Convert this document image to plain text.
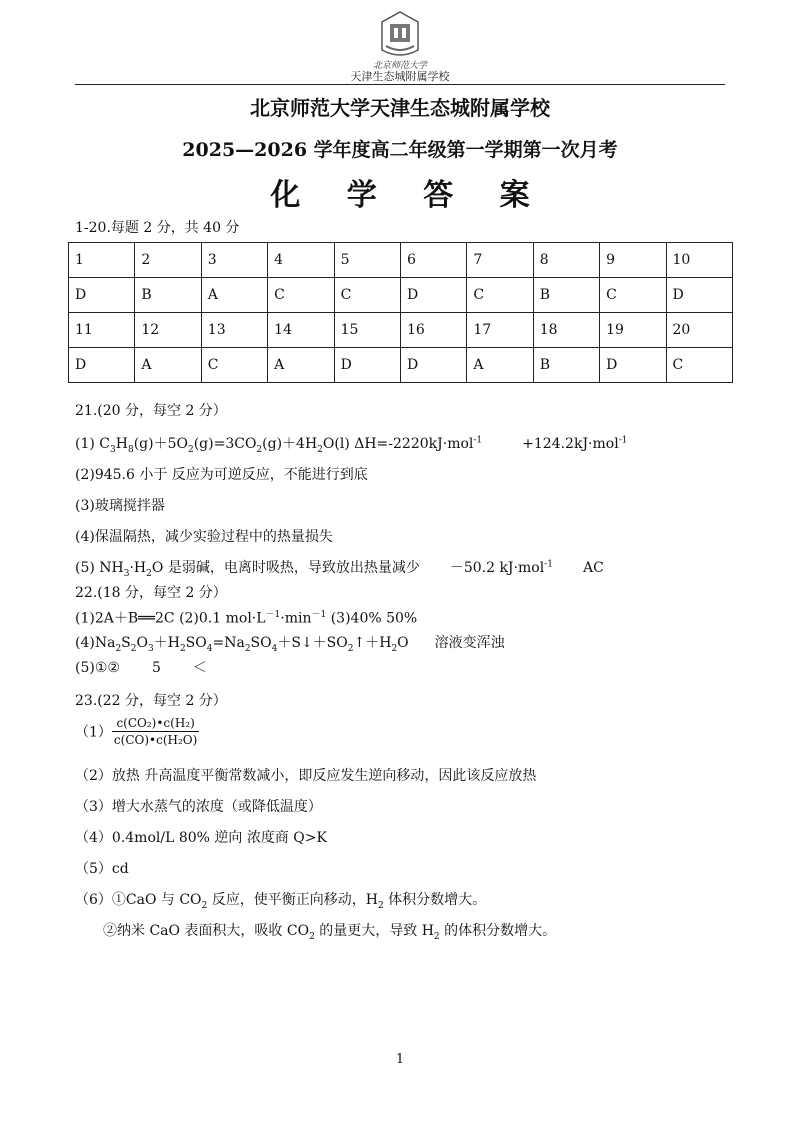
北京师范大学
天津生态城附属学校
北京师范大学天津生态城附属学校
2025—2026 学年度高二年级第一学期第一次月考
化 学 答 案
1-20.每题 2 分，共 40 分
1	2	3	4	5	6	7	8	9	10
D	B	A	C	C	D	C	B	C	D
11	12	13	14	15	16	17	18	19	20
D	A	C	A	D	D	A	B	D	C
21.(20 分，每空 2 分）
(1) $C_3H_8(g)+5O_2(g)=3CO_2(g)+4H_2O(l)$ ΔH=-2220kJ·mol$^{-1}$	+124.2kJ·mol$^{-1}$
(2)945.6 小于 反应为可逆反应，不能进行到底
(3)玻璃搅拌器
(4)保温隔热，减少实验过程中的热量损失
(5) $NH_3\cdot H_2O$ 是弱碱，电离时吸热，导致放出热量减少 －50.2 kJ·mol$^{-1}$ AC
22.(18 分，每空 2 分）
(1)2A＋B══2C (2)0.1 $mol\cdot L^{-1}\cdot\min^{-1}$ (3)40% 50%
$(4)Na_2S_2O_3+H_2SO_4=Na_2SO_4+S↓+SO_2↑+H_2O$ 溶液变浑浊
(5)①② 5 ＜
23.(22 分，每空 2 分）
$(1) \frac{\text{c(CO₂)•c(H₂)}}{\text{c(CO)•c(H₂O)}}$
（2）放热 升高温度平衡常数减小，即反应发生逆向移动，因此该反应放热
（3）增大水蒸气的浓度（或降低温度）
（4）0.4mol/L 80% 逆向 浓度商 Q>K
（5）cd
（6）①CaO 与 $CO_2$ 反应，使平衡正向移动，$H_2$ 体积分数增大。
②纳米 CaO 表面积大，吸收 $CO_2$ 的量更大，导致 $H_2$ 的体积分数增大。
1
